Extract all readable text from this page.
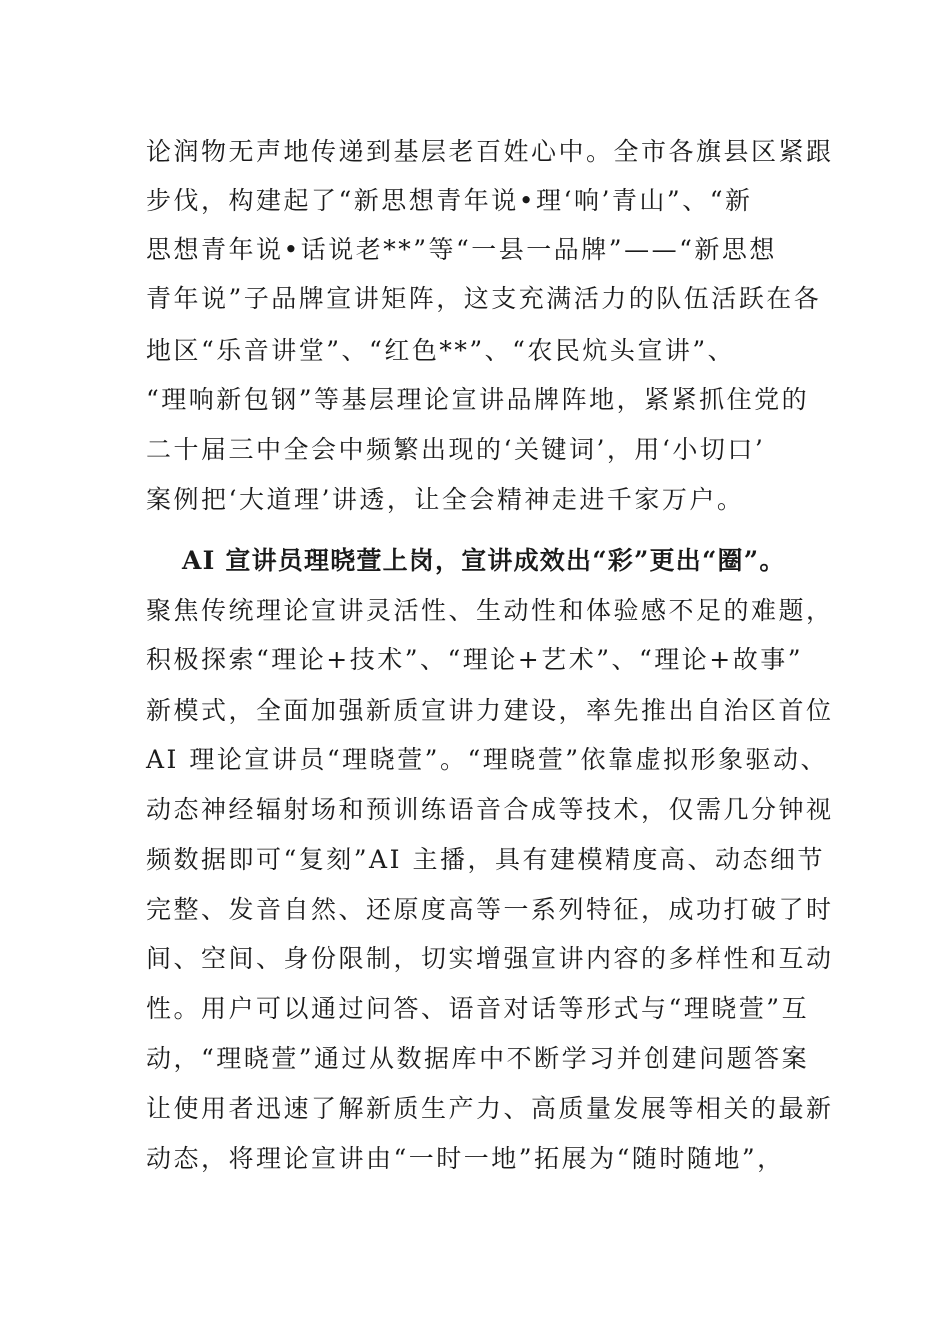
论润物无声地传递到基层老百姓心中。全市各旗县区紧跟
步伐，构建起了“新思想青年说•理‘响’青山”、“新
思想青年说•话说老**”等“一县一品牌”——“新思想
青年说”子品牌宣讲矩阵，这支充满活力的队伍活跃在各
地区“乐音讲堂”、“红色**”、“农民炕头宣讲”、
“理响新包钢”等基层理论宣讲品牌阵地，紧紧抓住党的
二十届三中全会中频繁出现的‘关键词’，用‘小切口’
案例把‘大道理’讲透，让全会精神走进千家万户。
AI 宣讲员理晓萱上岗，宣讲成效出“彩”更出“圈”。
聚焦传统理论宣讲灵活性、生动性和体验感不足的难题，
积极探索“理论+技术”、“理论+艺术”、“理论+故事”
新模式，全面加强新质宣讲力建设，率先推出自治区首位
AI 理论宣讲员“理晓萱”。“理晓萱”依靠虚拟形象驱动、
动态神经辐射场和预训练语音合成等技术，仅需几分钟视
频数据即可“复刻”AI 主播，具有建模精度高、动态细节
完整、发音自然、还原度高等一系列特征，成功打破了时
间、空间、身份限制，切实增强宣讲内容的多样性和互动
性。用户可以通过问答、语音对话等形式与“理晓萱”互
动，“理晓萱”通过从数据库中不断学习并创建问题答案
让使用者迅速了解新质生产力、高质量发展等相关的最新
动态，将理论宣讲由“一时一地”拓展为“随时随地”，
